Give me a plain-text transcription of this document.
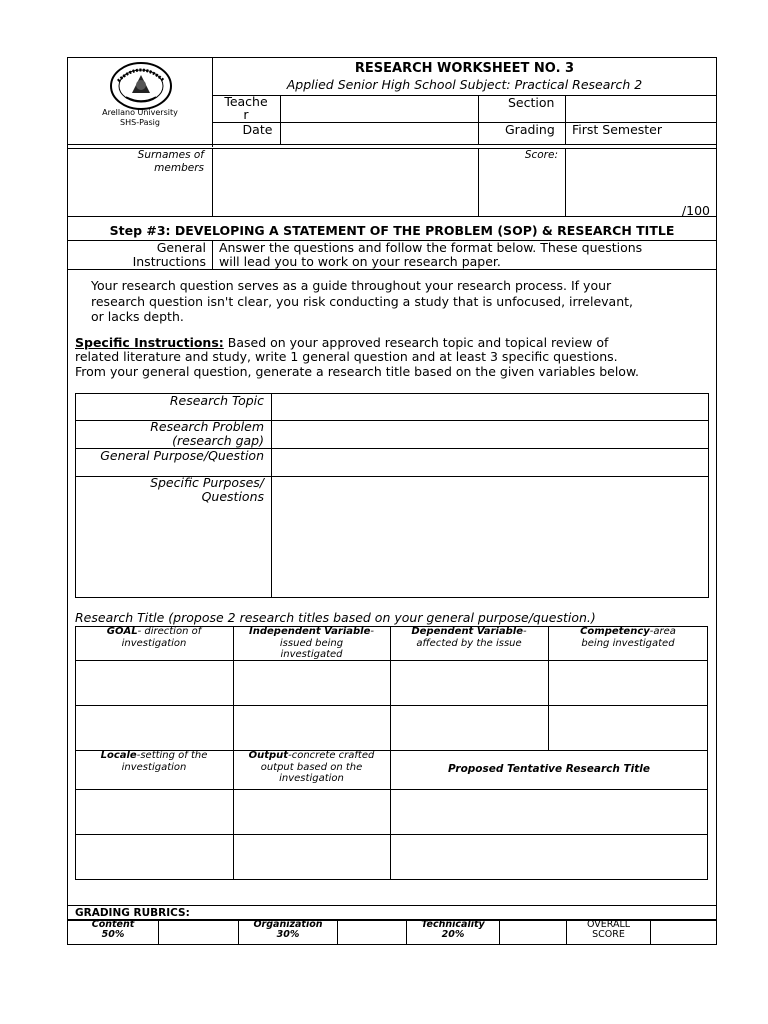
Arellano University
SHS-Pasig
RESEARCH WORKSHEET NO. 3
Applied Senior High School Subject: Practical Research 2
Teache
r
Section
Date	Grading First Semester
Surnames of
members
Score:
/100
Step #3: DEVELOPING A STATEMENT OF THE PROBLEM (SOP) & RESEARCH TITLE
General
Instructions
Answer the questions and follow the format below. These questions
will lead you to work on your research paper.
Your research question serves as a guide throughout your research process. If your
research question isn't clear, you risk conducting a study that is unfocused, irrelevant,
or lacks depth.
Specific Instructions: Based on your approved research topic and topical review of
related literature and study, write 1 general question and at least 3 specific questions.
From your general question, generate a research title based on the given variables below.
Research Topic
Research Problem
(research gap)
General Purpose/Question
Specific Purposes/
Questions
Research Title (propose 2 research titles based on your general purpose/question.)
GOAL- direction of
investigation
Independent Variable-
issued being
investigated
Dependent Variable-
affected by the issue
Competency-area
being investigated
Locale-setting of the
investigation
Output-concrete crafted
output based on the
investigation
Proposed Tentative Research Title
GRADING RUBRICS:
Content
50%
Organization
30%
Technicality
20%
OVERALL
SCORE
